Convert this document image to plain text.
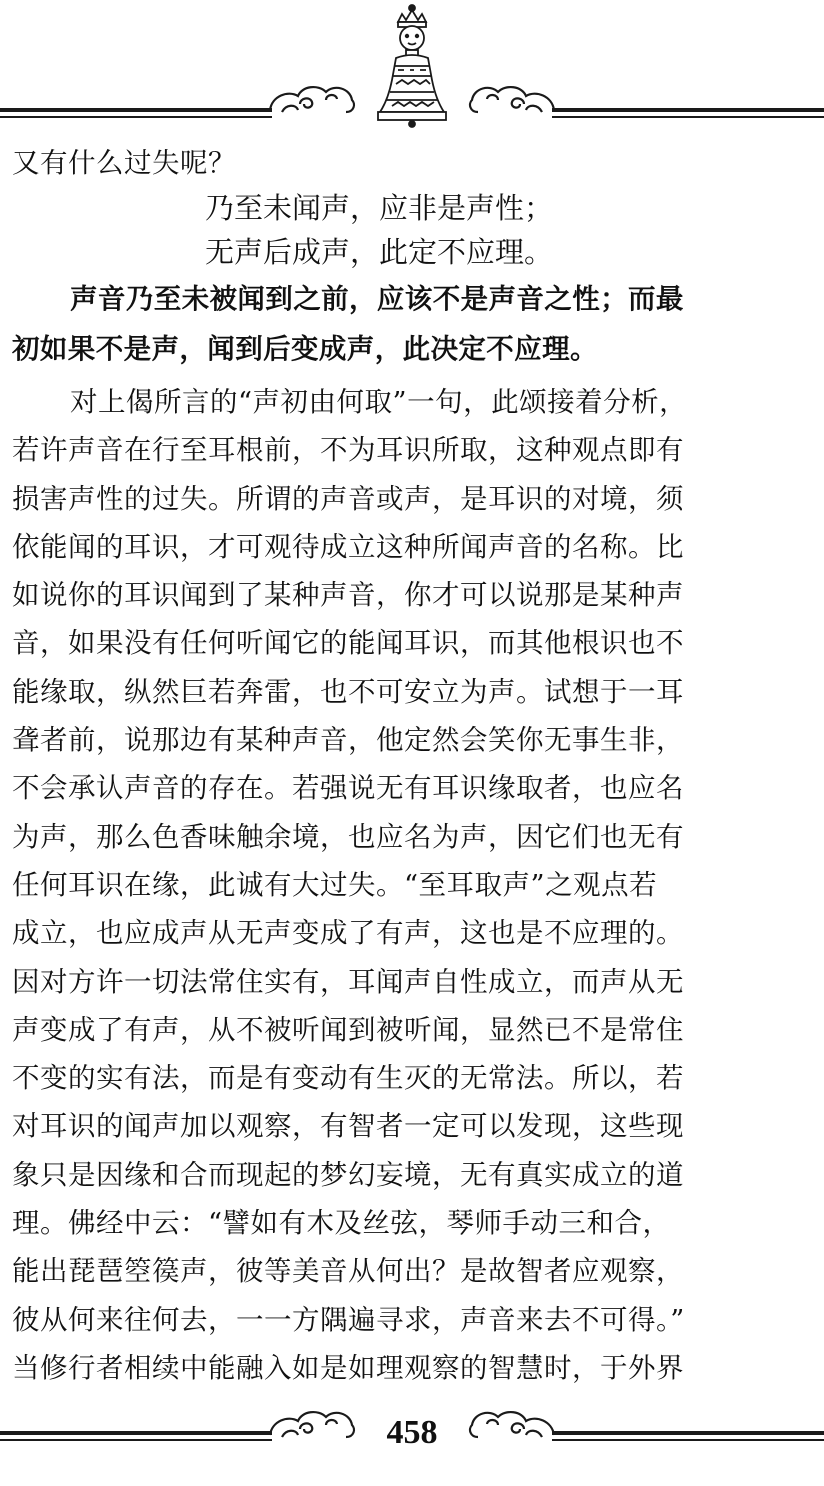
又有什么过失呢？
乃至未闻声，应非是声性；
无声后成声，此定不应理。
声音乃至未被闻到之前，应该不是声音之性；而最
初如果不是声，闻到后变成声，此决定不应理。
对上偈所言的“声初由何取”一句，此颂接着分析，
若许声音在行至耳根前，不为耳识所取，这种观点即有
损害声性的过失。所谓的声音或声，是耳识的对境，须
依能闻的耳识，才可观待成立这种所闻声音的名称。比
如说你的耳识闻到了某种声音，你才可以说那是某种声
音，如果没有任何听闻它的能闻耳识，而其他根识也不
能缘取，纵然巨若奔雷，也不可安立为声。试想于一耳
聋者前，说那边有某种声音，他定然会笑你无事生非，
不会承认声音的存在。若强说无有耳识缘取者，也应名
为声，那么色香味触余境，也应名为声，因它们也无有
任何耳识在缘，此诚有大过失。“至耳取声”之观点若
成立，也应成声从无声变成了有声，这也是不应理的。
因对方许一切法常住实有，耳闻声自性成立，而声从无
声变成了有声，从不被听闻到被听闻，显然已不是常住
不变的实有法，而是有变动有生灭的无常法。所以，若
对耳识的闻声加以观察，有智者一定可以发现，这些现
象只是因缘和合而现起的梦幻妄境，无有真实成立的道
理。佛经中云：“譬如有木及丝弦，琴师手动三和合，
能出琵琶箜篌声，彼等美音从何出？是故智者应观察，
彼从何来往何去，一一方隅遍寻求，声音来去不可得。”
当修行者相续中能融入如是如理观察的智慧时，于外界
458
